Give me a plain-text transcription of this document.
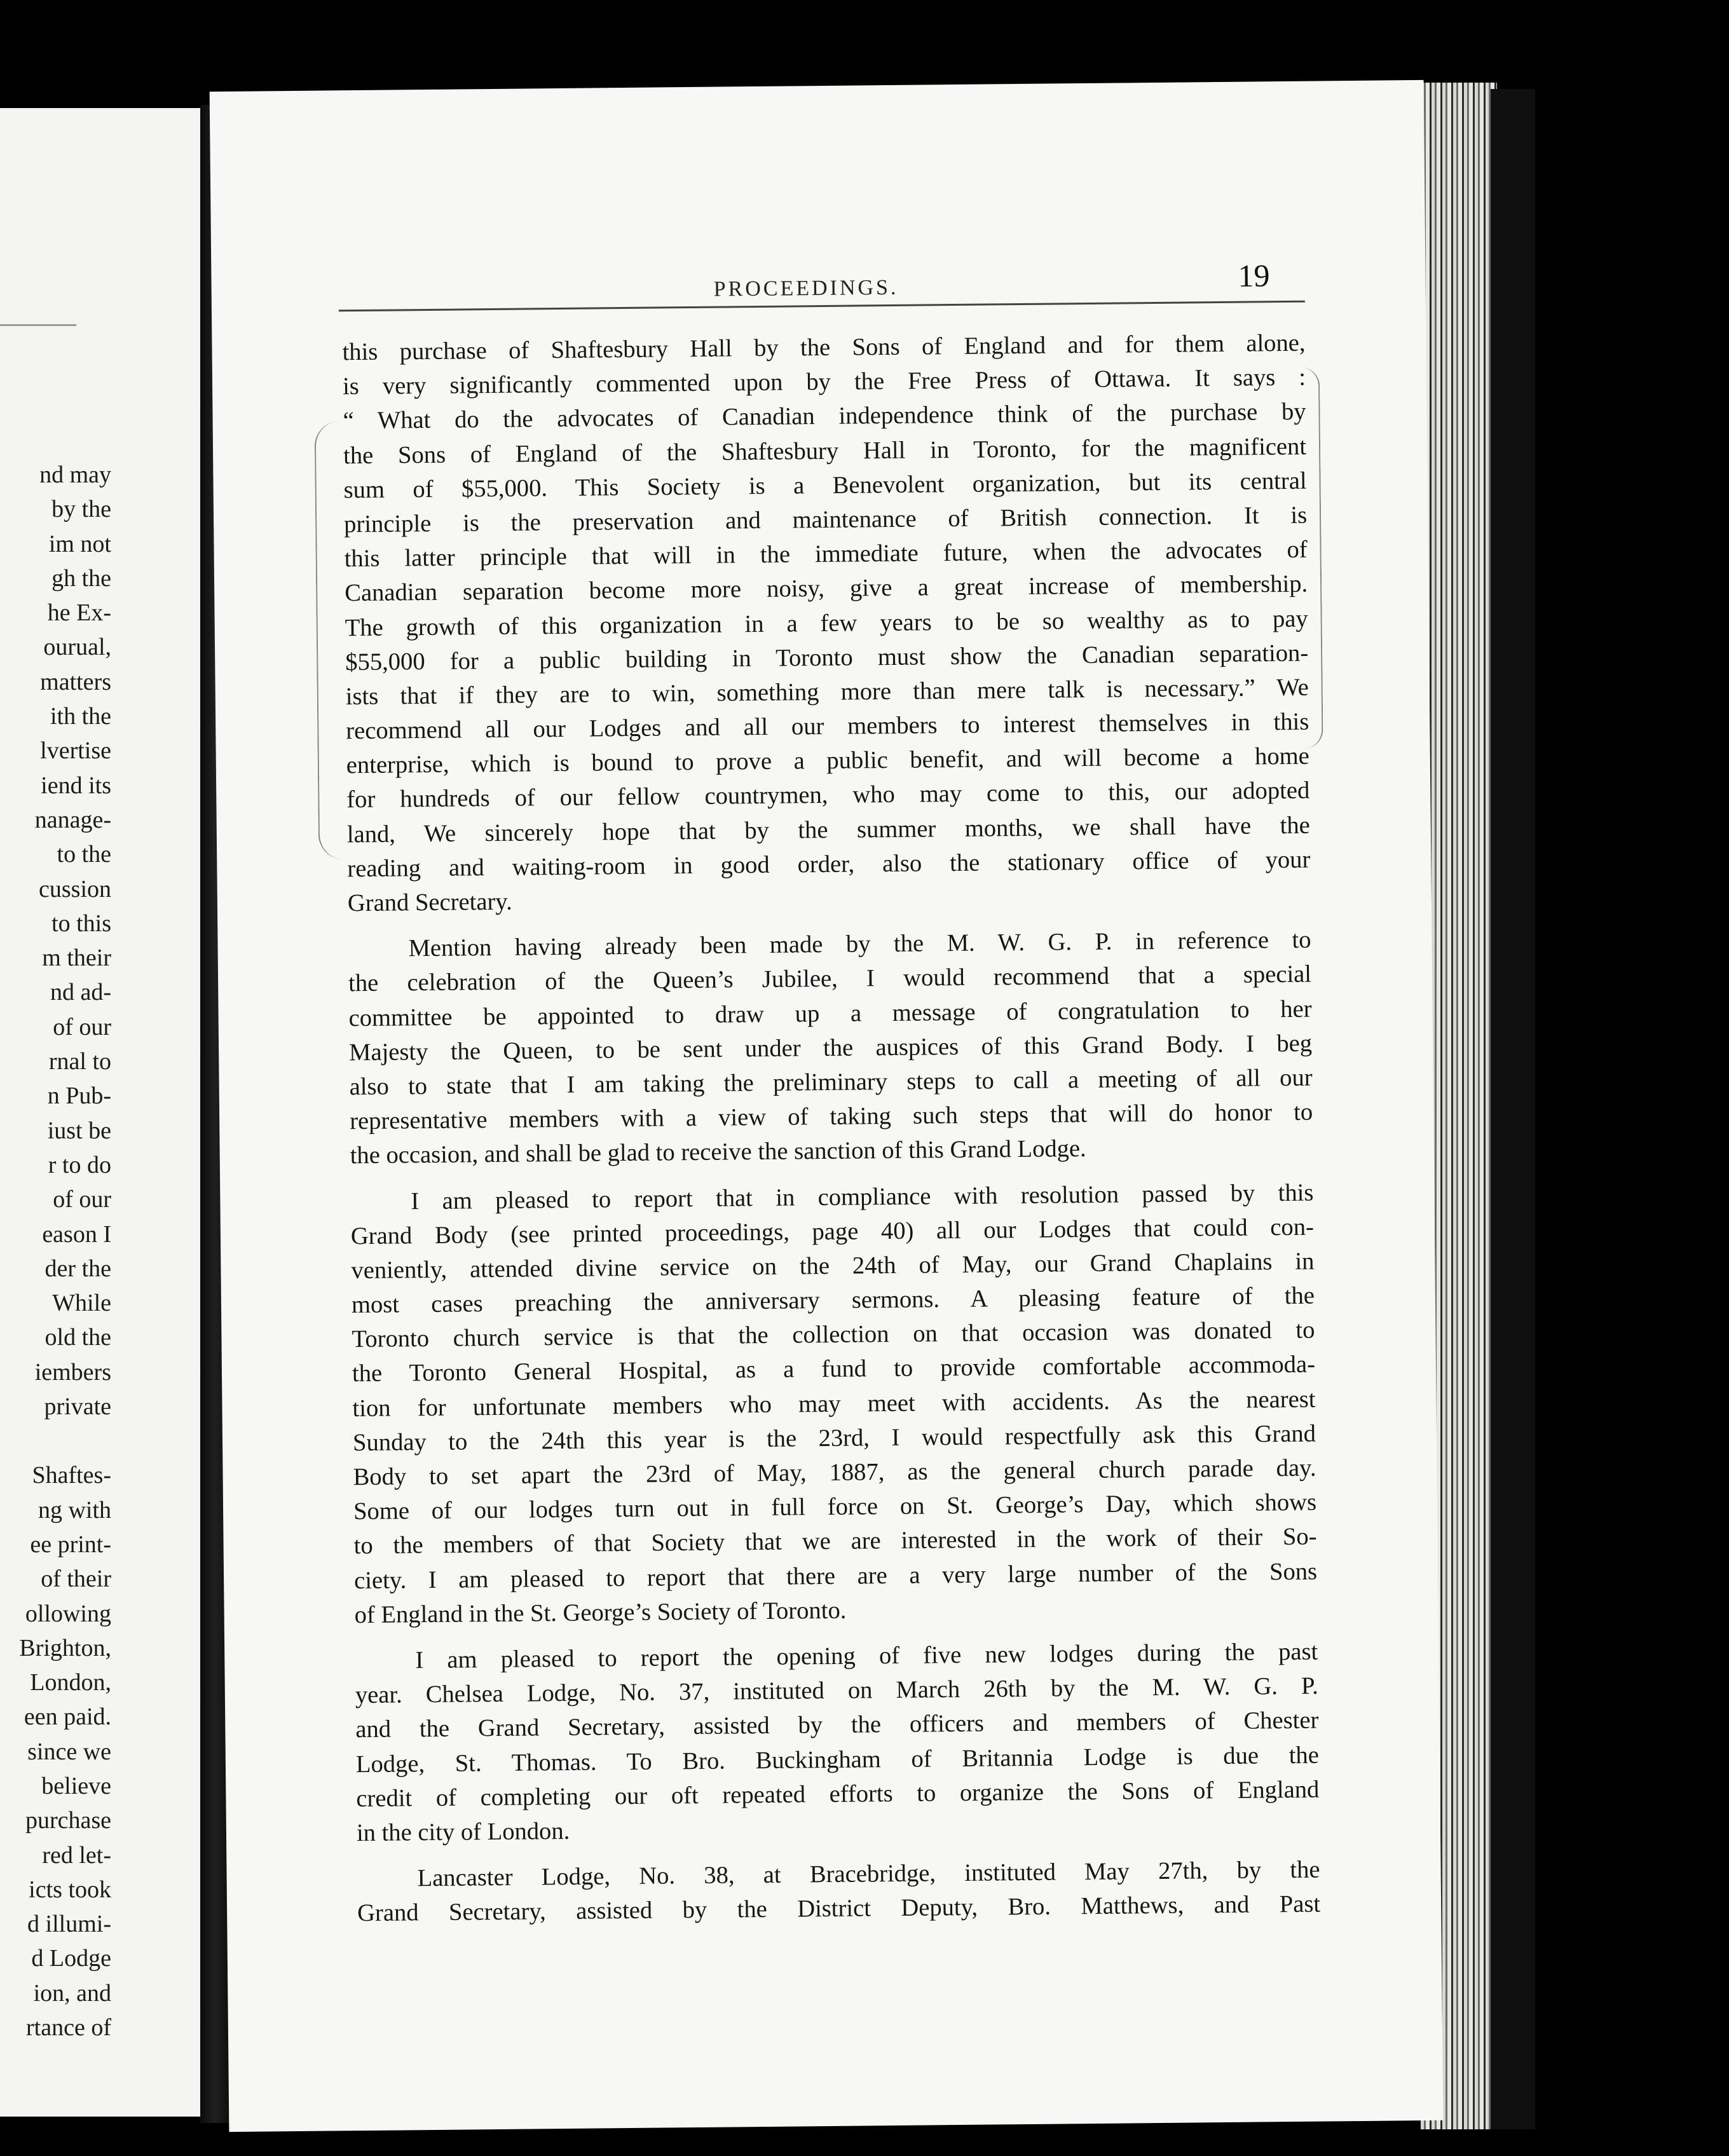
nd may
by the
im not
gh the
he Ex-
ourual,
matters
ith the
lvertise
iend its
nanage-
to the
cussion
to this
m their
nd ad-
of our
rnal to
n Pub-
iust be
r to do
of our
eason I
der the
While
old the
iembers
private
Shaftes-
ng with
ee print-
of their
ollowing
Brighton,
London,
een paid.
since we
believe
purchase
red let-
icts took
d illumi-
d Lodge
ion, and
rtance of
PROCEEDINGS.	19
this purchase of Shaftesbury Hall by the Sons of England and for them alone,
is very significantly commented upon by the Free Press of Ottawa. It says :
“ What do the advocates of Canadian independence think of the purchase by
the Sons of England of the Shaftesbury Hall in Toronto, for the magnificent
sum of $55,000. This Society is a Benevolent organization, but its central
principle is the preservation and maintenance of British connection. It is
this latter principle that will in the immediate future, when the advocates of
Canadian separation become more noisy, give a great increase of membership.
The growth of this organization in a few years to be so wealthy as to pay
$55,000 for a public building in Toronto must show the Canadian separation-
ists that if they are to win, something more than mere talk is necessary.” We
recommend all our Lodges and all our members to interest themselves in this
enterprise, which is bound to prove a public benefit, and will become a home
for hundreds of our fellow countrymen, who may come to this, our adopted
land, We sincerely hope that by the summer months, we shall have the
reading and waiting-room in good order, also the stationary office of your
Grand Secretary.
Mention having already been made by the M. W. G. P. in reference to
the celebration of the Queen’s Jubilee, I would recommend that a special
committee be appointed to draw up a message of congratulation to her
Majesty the Queen, to be sent under the auspices of this Grand Body. I beg
also to state that I am taking the preliminary steps to call a meeting of all our
representative members with a view of taking such steps that will do honor to
the occasion, and shall be glad to receive the sanction of this Grand Lodge.
I am pleased to report that in compliance with resolution passed by this
Grand Body (see printed proceedings, page 40) all our Lodges that could con-
veniently, attended divine service on the 24th of May, our Grand Chaplains in
most cases preaching the anniversary sermons. A pleasing feature of the
Toronto church service is that the collection on that occasion was donated to
the Toronto General Hospital, as a fund to provide comfortable accommoda-
tion for unfortunate members who may meet with accidents. As the nearest
Sunday to the 24th this year is the 23rd, I would respectfully ask this Grand
Body to set apart the 23rd of May, 1887, as the general church parade day.
Some of our lodges turn out in full force on St. George’s Day, which shows
to the members of that Society that we are interested in the work of their So-
ciety. I am pleased to report that there are a very large number of the Sons
of England in the St. George’s Society of Toronto.
I am pleased to report the opening of five new lodges during the past
year. Chelsea Lodge, No. 37, instituted on March 26th by the M. W. G. P.
and the Grand Secretary, assisted by the officers and members of Chester
Lodge, St. Thomas. To Bro. Buckingham of Britannia Lodge is due the
credit of completing our oft repeated efforts to organize the Sons of England
in the city of London.
Lancaster Lodge, No. 38, at Bracebridge, instituted May 27th, by the
Grand Secretary, assisted by the District Deputy, Bro. Matthews, and Past
